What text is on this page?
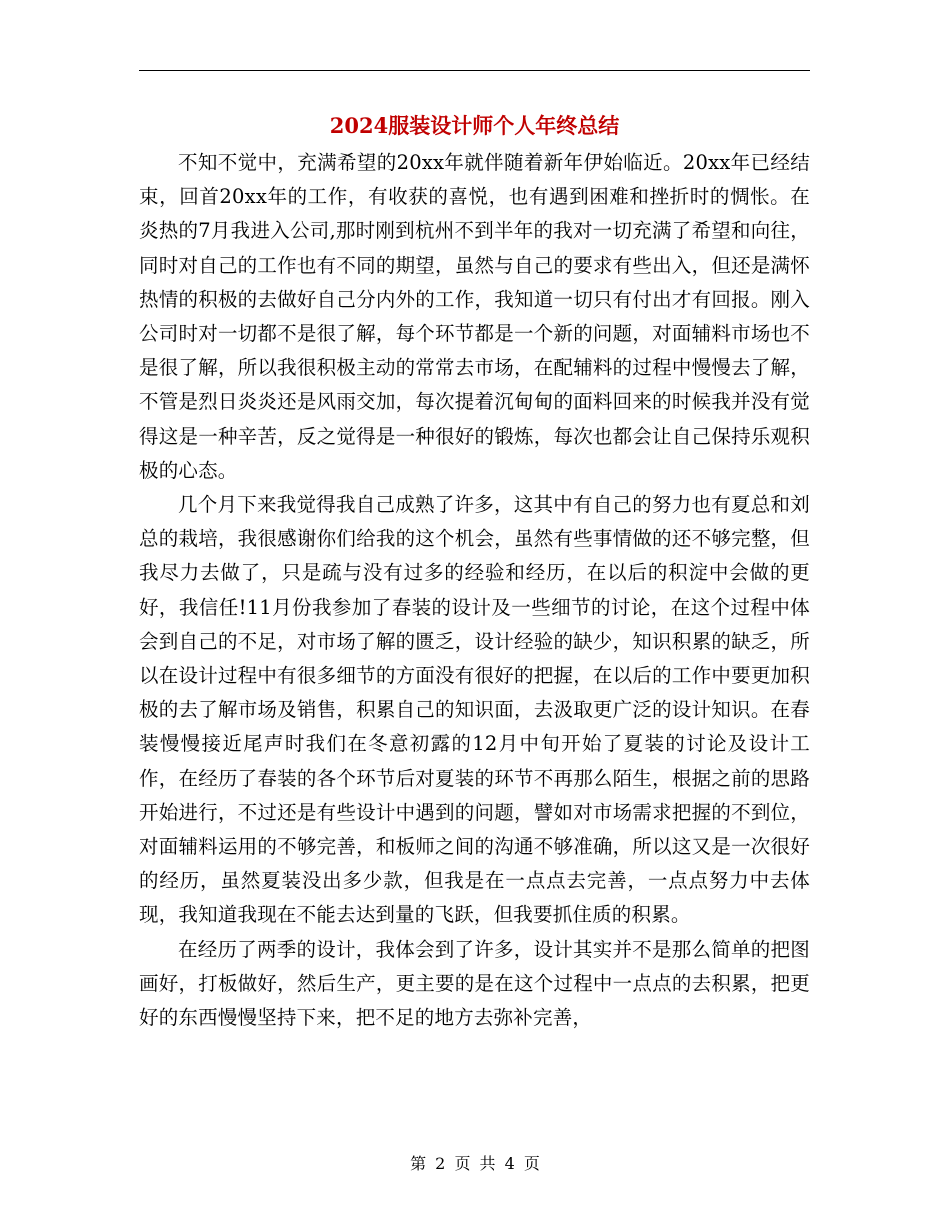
2024服装设计师个人年终总结

不知不觉中，充满希望的20xx年就伴随着新年伊始临近。20xx年已经结束，回首20xx年的工作，有收获的喜悦，也有遇到困难和挫折时的惆怅。在炎热的7月我进入公司,那时刚到杭州不到半年的我对一切充满了希望和向往，同时对自己的工作也有不同的期望，虽然与自己的要求有些出入，但还是满怀热情的积极的去做好自己分内外的工作，我知道一切只有付出才有回报。刚入公司时对一切都不是很了解，每个环节都是一个新的问题，对面辅料市场也不是很了解，所以我很积极主动的常常去市场，在配辅料的过程中慢慢去了解，不管是烈日炎炎还是风雨交加，每次提着沉甸甸的面料回来的时候我并没有觉得这是一种辛苦，反之觉得是一种很好的锻炼，每次也都会让自己保持乐观积极的心态。

几个月下来我觉得我自己成熟了许多，这其中有自己的努力也有夏总和刘总的栽培，我很感谢你们给我的这个机会，虽然有些事情做的还不够完整，但我尽力去做了，只是疏与没有过多的经验和经历，在以后的积淀中会做的更好，我信任!11月份我参加了春装的设计及一些细节的讨论，在这个过程中体会到自己的不足，对市场了解的匮乏，设计经验的缺少，知识积累的缺乏，所以在设计过程中有很多细节的方面没有很好的把握，在以后的工作中要更加积极的去了解市场及销售，积累自己的知识面，去汲取更广泛的设计知识。在春装慢慢接近尾声时我们在冬意初露的12月中旬开始了夏装的讨论及设计工作，在经历了春装的各个环节后对夏装的环节不再那么陌生，根据之前的思路开始进行，不过还是有些设计中遇到的问题，譬如对市场需求把握的不到位，对面辅料运用的不够完善，和板师之间的沟通不够准确，所以这又是一次很好的经历，虽然夏装没出多少款，但我是在一点点去完善，一点点努力中去体现，我知道我现在不能去达到量的飞跃，但我要抓住质的积累。

在经历了两季的设计，我体会到了许多，设计其实并不是那么简单的把图画好，打板做好，然后生产，更主要的是在这个过程中一点点的去积累，把更好的东西慢慢坚持下来，把不足的地方去弥补完善，

第 2 页 共 4 页
